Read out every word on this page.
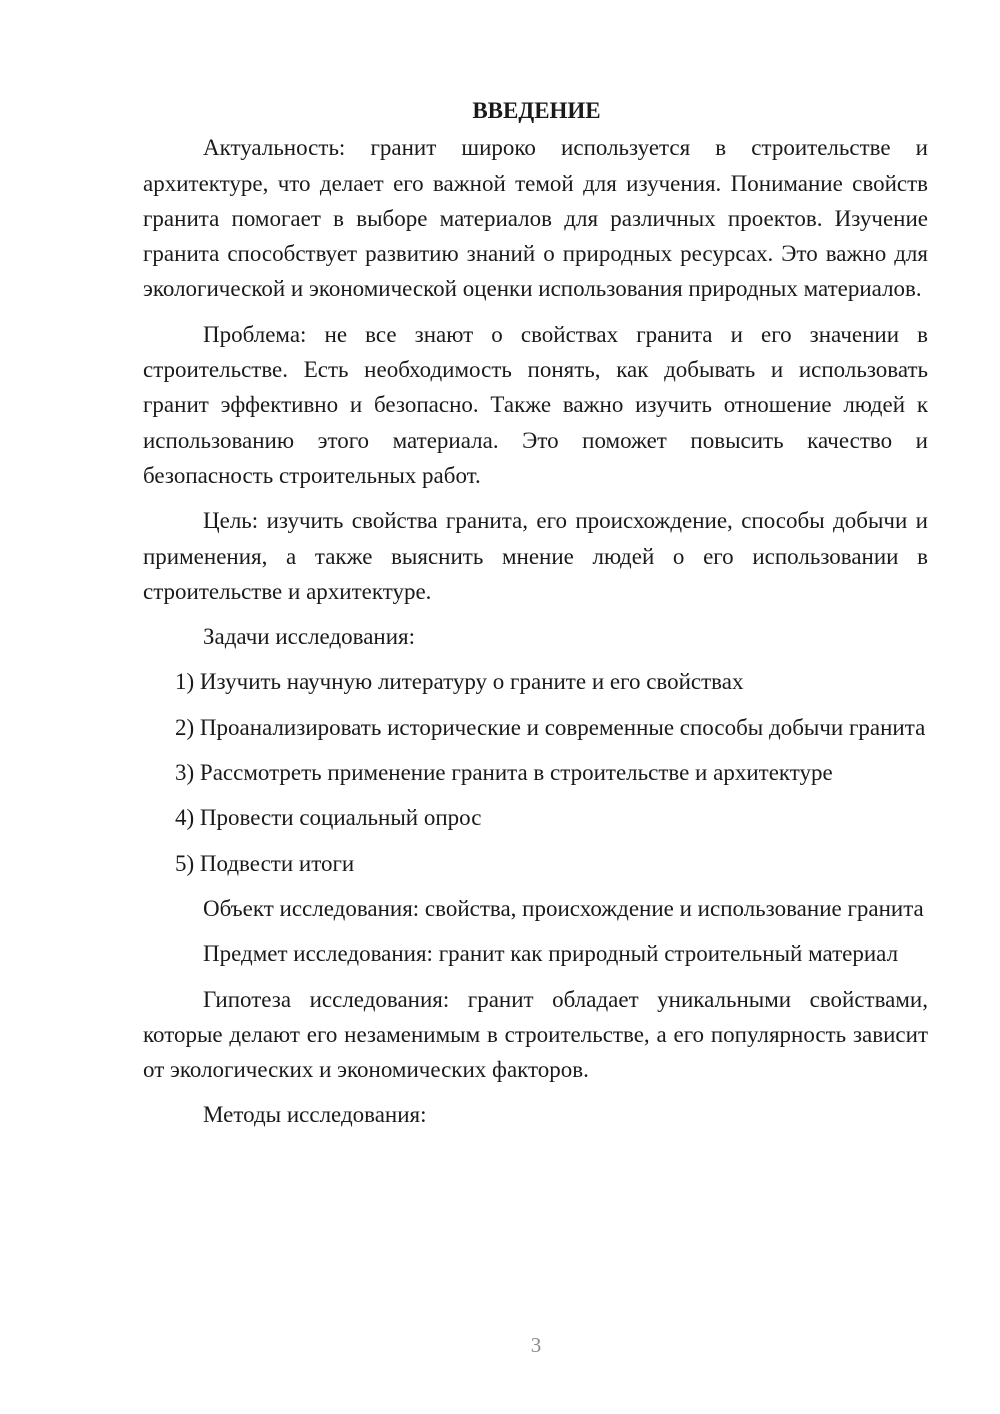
ВВЕДЕНИЕ

Актуальность: гранит широко используется в строительстве и архитектуре, что делает его важной темой для изучения. Понимание свойств гранита помогает в выборе материалов для различных проектов. Изучение гранита способствует развитию знаний о природных ресурсах. Это важно для экологической и экономической оценки использования природных материалов.

Проблема: не все знают о свойствах гранита и его значении в строительстве. Есть необходимость понять, как добывать и использовать гранит эффективно и безопасно. Также важно изучить отношение людей к использованию этого материала. Это поможет повысить качество и безопасность строительных работ.

Цель: изучить свойства гранита, его происхождение, способы добычи и применения, а также выяснить мнение людей о его использовании в строительстве и архитектуре.

Задачи исследования:

1) Изучить научную литературу о граните и его свойствах

2) Проанализировать исторические и современные способы добычи гранита

3) Рассмотреть применение гранита в строительстве и архитектуре

4) Провести социальный опрос

5) Подвести итоги

Объект исследования: свойства, происхождение и использование гранита

Предмет исследования: гранит как природный строительный материал

Гипотеза исследования: гранит обладает уникальными свойствами, которые делают его незаменимым в строительстве, а его популярность зависит от экологических и экономических факторов.

Методы исследования:

3
